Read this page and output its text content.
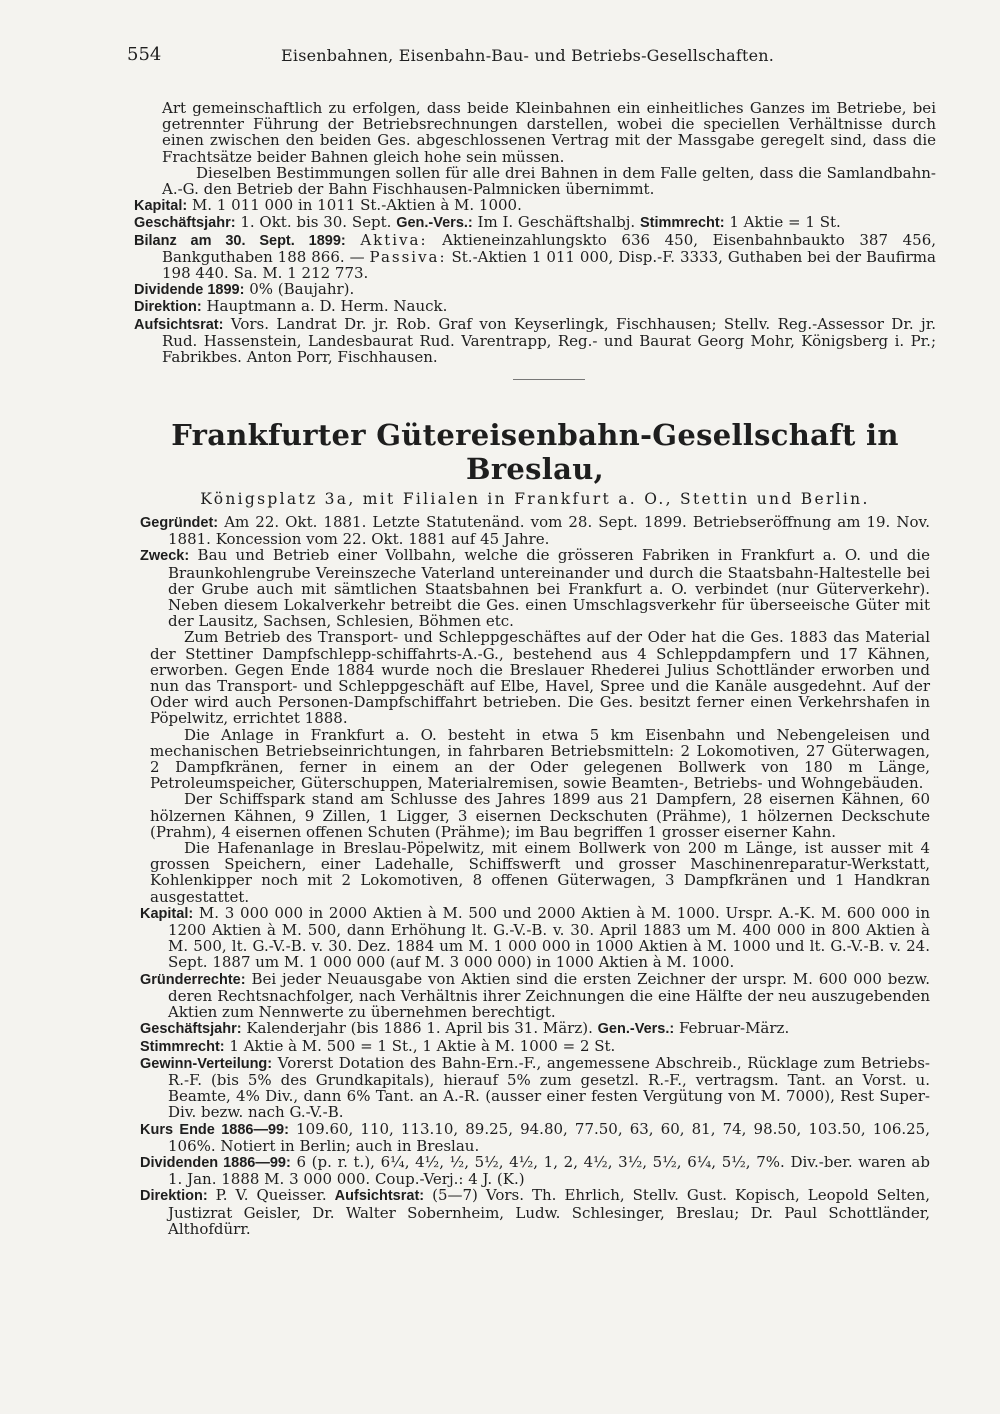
554	Eisenbahnen, Eisenbahn-Bau- und Betriebs-Gesellschaften.

Art gemeinschaftlich zu erfolgen, dass beide Kleinbahnen ein einheitliches Ganzes im Betriebe, bei getrennter Führung der Betriebsrechnungen darstellen, wobei die speciellen Verhältnisse durch einen zwischen den beiden Ges. abgeschlossenen Vertrag mit der Massgabe geregelt sind, dass die Frachtsätze beider Bahnen gleich hohe sein müssen.

Dieselben Bestimmungen sollen für alle drei Bahnen in dem Falle gelten, dass die Samlandbahn-A.-G. den Betrieb der Bahn Fischhausen-Palmnicken übernimmt.

Kapital: M. 1 011 000 in 1011 St.-Aktien à M. 1000.

Geschäftsjahr: 1. Okt. bis 30. Sept. Gen.-Vers.: Im I. Geschäftshalbj. Stimmrecht: 1 Aktie = 1 St.

Bilanz am 30. Sept. 1899: Aktiva: Aktieneinzahlungskto 636 450, Eisenbahnbaukto 387 456, Bankguthaben 188 866. — Passiva: St.-Aktien 1 011 000, Disp.-F. 3333, Guthaben bei der Baufirma 198 440. Sa. M. 1 212 773.

Dividende 1899: 0% (Baujahr).

Direktion: Hauptmann a. D. Herm. Nauck.

Aufsichtsrat: Vors. Landrat Dr. jr. Rob. Graf von Keyserlingk, Fischhausen; Stellv. Reg.-Assessor Dr. jr. Rud. Hassenstein, Landesbaurat Rud. Varentrapp, Reg.- und Baurat Georg Mohr, Königsberg i. Pr.; Fabrikbes. Anton Porr, Fischhausen.

Frankfurter Gütereisenbahn-Gesellschaft in Breslau,

Königsplatz 3a, mit Filialen in Frankfurt a. O., Stettin und Berlin.

Gegründet: Am 22. Okt. 1881. Letzte Statutenänd. vom 28. Sept. 1899. Betriebseröffnung am 19. Nov. 1881. Koncession vom 22. Okt. 1881 auf 45 Jahre.

Zweck: Bau und Betrieb einer Vollbahn, welche die grösseren Fabriken in Frankfurt a. O. und die Braunkohlengrube Vereinszeche Vaterland untereinander und durch die Staatsbahn-Haltestelle bei der Grube auch mit sämtlichen Staatsbahnen bei Frankfurt a. O. verbindet (nur Güterverkehr). Neben diesem Lokalverkehr betreibt die Ges. einen Umschlagsverkehr für überseeische Güter mit der Lausitz, Sachsen, Schlesien, Böhmen etc.

Zum Betrieb des Transport- und Schleppgeschäftes auf der Oder hat die Ges. 1883 das Material der Stettiner Dampfschlepp-schiffahrts-A.-G., bestehend aus 4 Schleppdampfern und 17 Kähnen, erworben. Gegen Ende 1884 wurde noch die Breslauer Rhederei Julius Schottländer erworben und nun das Transport- und Schleppgeschäft auf Elbe, Havel, Spree und die Kanäle ausgedehnt. Auf der Oder wird auch Personen-Dampfschiffahrt betrieben. Die Ges. besitzt ferner einen Verkehrshafen in Pöpelwitz, errichtet 1888.

Die Anlage in Frankfurt a. O. besteht in etwa 5 km Eisenbahn und Nebengeleisen und mechanischen Betriebseinrichtungen, in fahrbaren Betriebsmitteln: 2 Lokomotiven, 27 Güterwagen, 2 Dampfkränen, ferner in einem an der Oder gelegenen Bollwerk von 180 m Länge, Petroleumspeicher, Güterschuppen, Materialremisen, sowie Beamten-, Betriebs- und Wohngebäuden.

Der Schiffspark stand am Schlusse des Jahres 1899 aus 21 Dampfern, 28 eisernen Kähnen, 60 hölzernen Kähnen, 9 Zillen, 1 Ligger, 3 eisernen Deckschuten (Prähme), 1 hölzernen Deckschute (Prahm), 4 eisernen offenen Schuten (Prähme); im Bau begriffen 1 grosser eiserner Kahn.

Die Hafenanlage in Breslau-Pöpelwitz, mit einem Bollwerk von 200 m Länge, ist ausser mit 4 grossen Speichern, einer Ladehalle, Schiffswerft und grosser Maschinenreparatur-Werkstatt, Kohlenkipper noch mit 2 Lokomotiven, 8 offenen Güterwagen, 3 Dampfkränen und 1 Handkran ausgestattet.

Kapital: M. 3 000 000 in 2000 Aktien à M. 500 und 2000 Aktien à M. 1000. Urspr. A.-K. M. 600 000 in 1200 Aktien à M. 500, dann Erhöhung lt. G.-V.-B. v. 30. April 1883 um M. 400 000 in 800 Aktien à M. 500, lt. G.-V.-B. v. 30. Dez. 1884 um M. 1 000 000 in 1000 Aktien à M. 1000 und lt. G.-V.-B. v. 24. Sept. 1887 um M. 1 000 000 (auf M. 3 000 000) in 1000 Aktien à M. 1000.

Gründerrechte: Bei jeder Neuausgabe von Aktien sind die ersten Zeichner der urspr. M. 600 000 bezw. deren Rechtsnachfolger, nach Verhältnis ihrer Zeichnungen die eine Hälfte der neu auszugebenden Aktien zum Nennwerte zu übernehmen berechtigt.

Geschäftsjahr: Kalenderjahr (bis 1886 1. April bis 31. März). Gen.-Vers.: Februar-März.

Stimmrecht: 1 Aktie à M. 500 = 1 St., 1 Aktie à M. 1000 = 2 St.

Gewinn-Verteilung: Vorerst Dotation des Bahn-Ern.-F., angemessene Abschreib., Rücklage zum Betriebs-R.-F. (bis 5% des Grundkapitals), hierauf 5% zum gesetzl. R.-F., vertragsm. Tant. an Vorst. u. Beamte, 4% Div., dann 6% Tant. an A.-R. (ausser einer festen Vergütung von M. 7000), Rest Super-Div. bezw. nach G.-V.-B.

Kurs Ende 1886—99: 109.60, 110, 113.10, 89.25, 94.80, 77.50, 63, 60, 81, 74, 98.50, 103.50, 106.25, 106%. Notiert in Berlin; auch in Breslau.

Dividenden 1886—99: 6 (p. r. t.), 6¼, 4½, ½, 5½, 4½, 1, 2, 4½, 3½, 5½, 6¼, 5½, 7%. Div.-ber. waren ab 1. Jan. 1888 M. 3 000 000. Coup.-Verj.: 4 J. (K.)

Direktion: P. V. Queisser. Aufsichtsrat: (5—7) Vors. Th. Ehrlich, Stellv. Gust. Kopisch, Leopold Selten, Justizrat Geisler, Dr. Walter Sobernheim, Ludw. Schlesinger, Breslau; Dr. Paul Schottländer, Althofdürr.
